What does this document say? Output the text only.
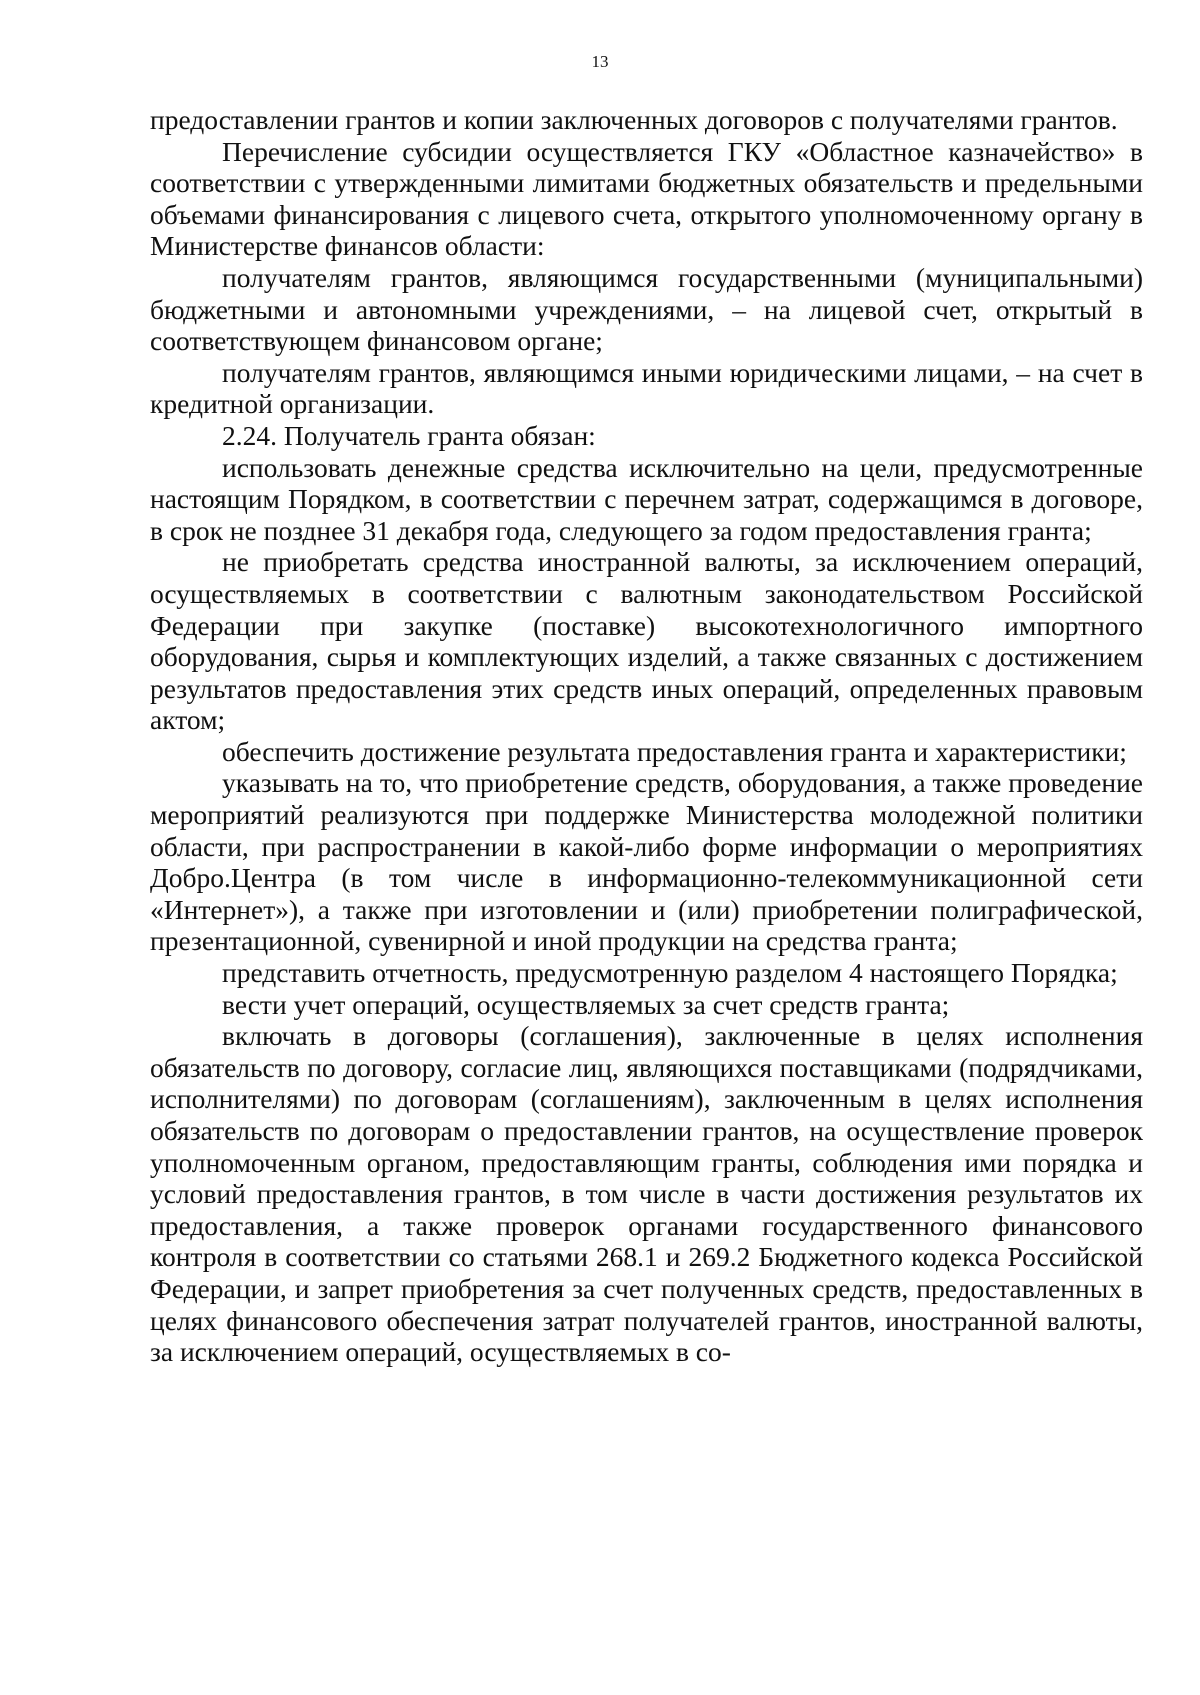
13

предоставлении грантов и копии заключенных договоров с получателями грантов.

Перечисление субсидии осуществляется ГКУ «Областное казначейство» в соответствии с утвержденными лимитами бюджетных обязательств и предельными объемами финансирования с лицевого счета, открытого уполномоченному органу в Министерстве финансов области:

получателям грантов, являющимся государственными (муниципальными) бюджетными и автономными учреждениями, – на лицевой счет, открытый в соответствующем финансовом органе;

получателям грантов, являющимся иными юридическими лицами, – на счет в кредитной организации.

2.24. Получатель гранта обязан:

использовать денежные средства исключительно на цели, предусмотренные настоящим Порядком, в соответствии с перечнем затрат, содержащимся в договоре, в срок не позднее 31 декабря года, следующего за годом предоставления гранта;

не приобретать средства иностранной валюты, за исключением операций, осуществляемых в соответствии с валютным законодательством Российской Федерации при закупке (поставке) высокотехнологичного импортного оборудования, сырья и комплектующих изделий, а также связанных с достижением результатов предоставления этих средств иных операций, определенных правовым актом;

обеспечить достижение результата предоставления гранта и характеристики;

указывать на то, что приобретение средств, оборудования, а также проведение мероприятий реализуются при поддержке Министерства молодежной политики области, при распространении в какой-либо форме информации о мероприятиях Добро.Центра (в том числе в информационно-телекоммуникационной сети «Интернет»), а также при изготовлении и (или) приобретении полиграфической, презентационной, сувенирной и иной продукции на средства гранта;

представить отчетность, предусмотренную разделом 4 настоящего Порядка;

вести учет операций, осуществляемых за счет средств гранта;

включать в договоры (соглашения), заключенные в целях исполнения обязательств по договору, согласие лиц, являющихся поставщиками (подрядчиками, исполнителями) по договорам (соглашениям), заключенным в целях исполнения обязательств по договорам о предоставлении грантов, на осуществление проверок уполномоченным органом, предоставляющим гранты, соблюдения ими порядка и условий предоставления грантов, в том числе в части достижения результатов их предоставления, а также проверок органами государственного финансового контроля в соответствии со статьями 268.1 и 269.2 Бюджетного кодекса Российской Федерации, и запрет приобретения за счет полученных средств, предоставленных в целях финансового обеспечения затрат получателей грантов, иностранной валюты, за исключением операций, осуществляемых в со-
